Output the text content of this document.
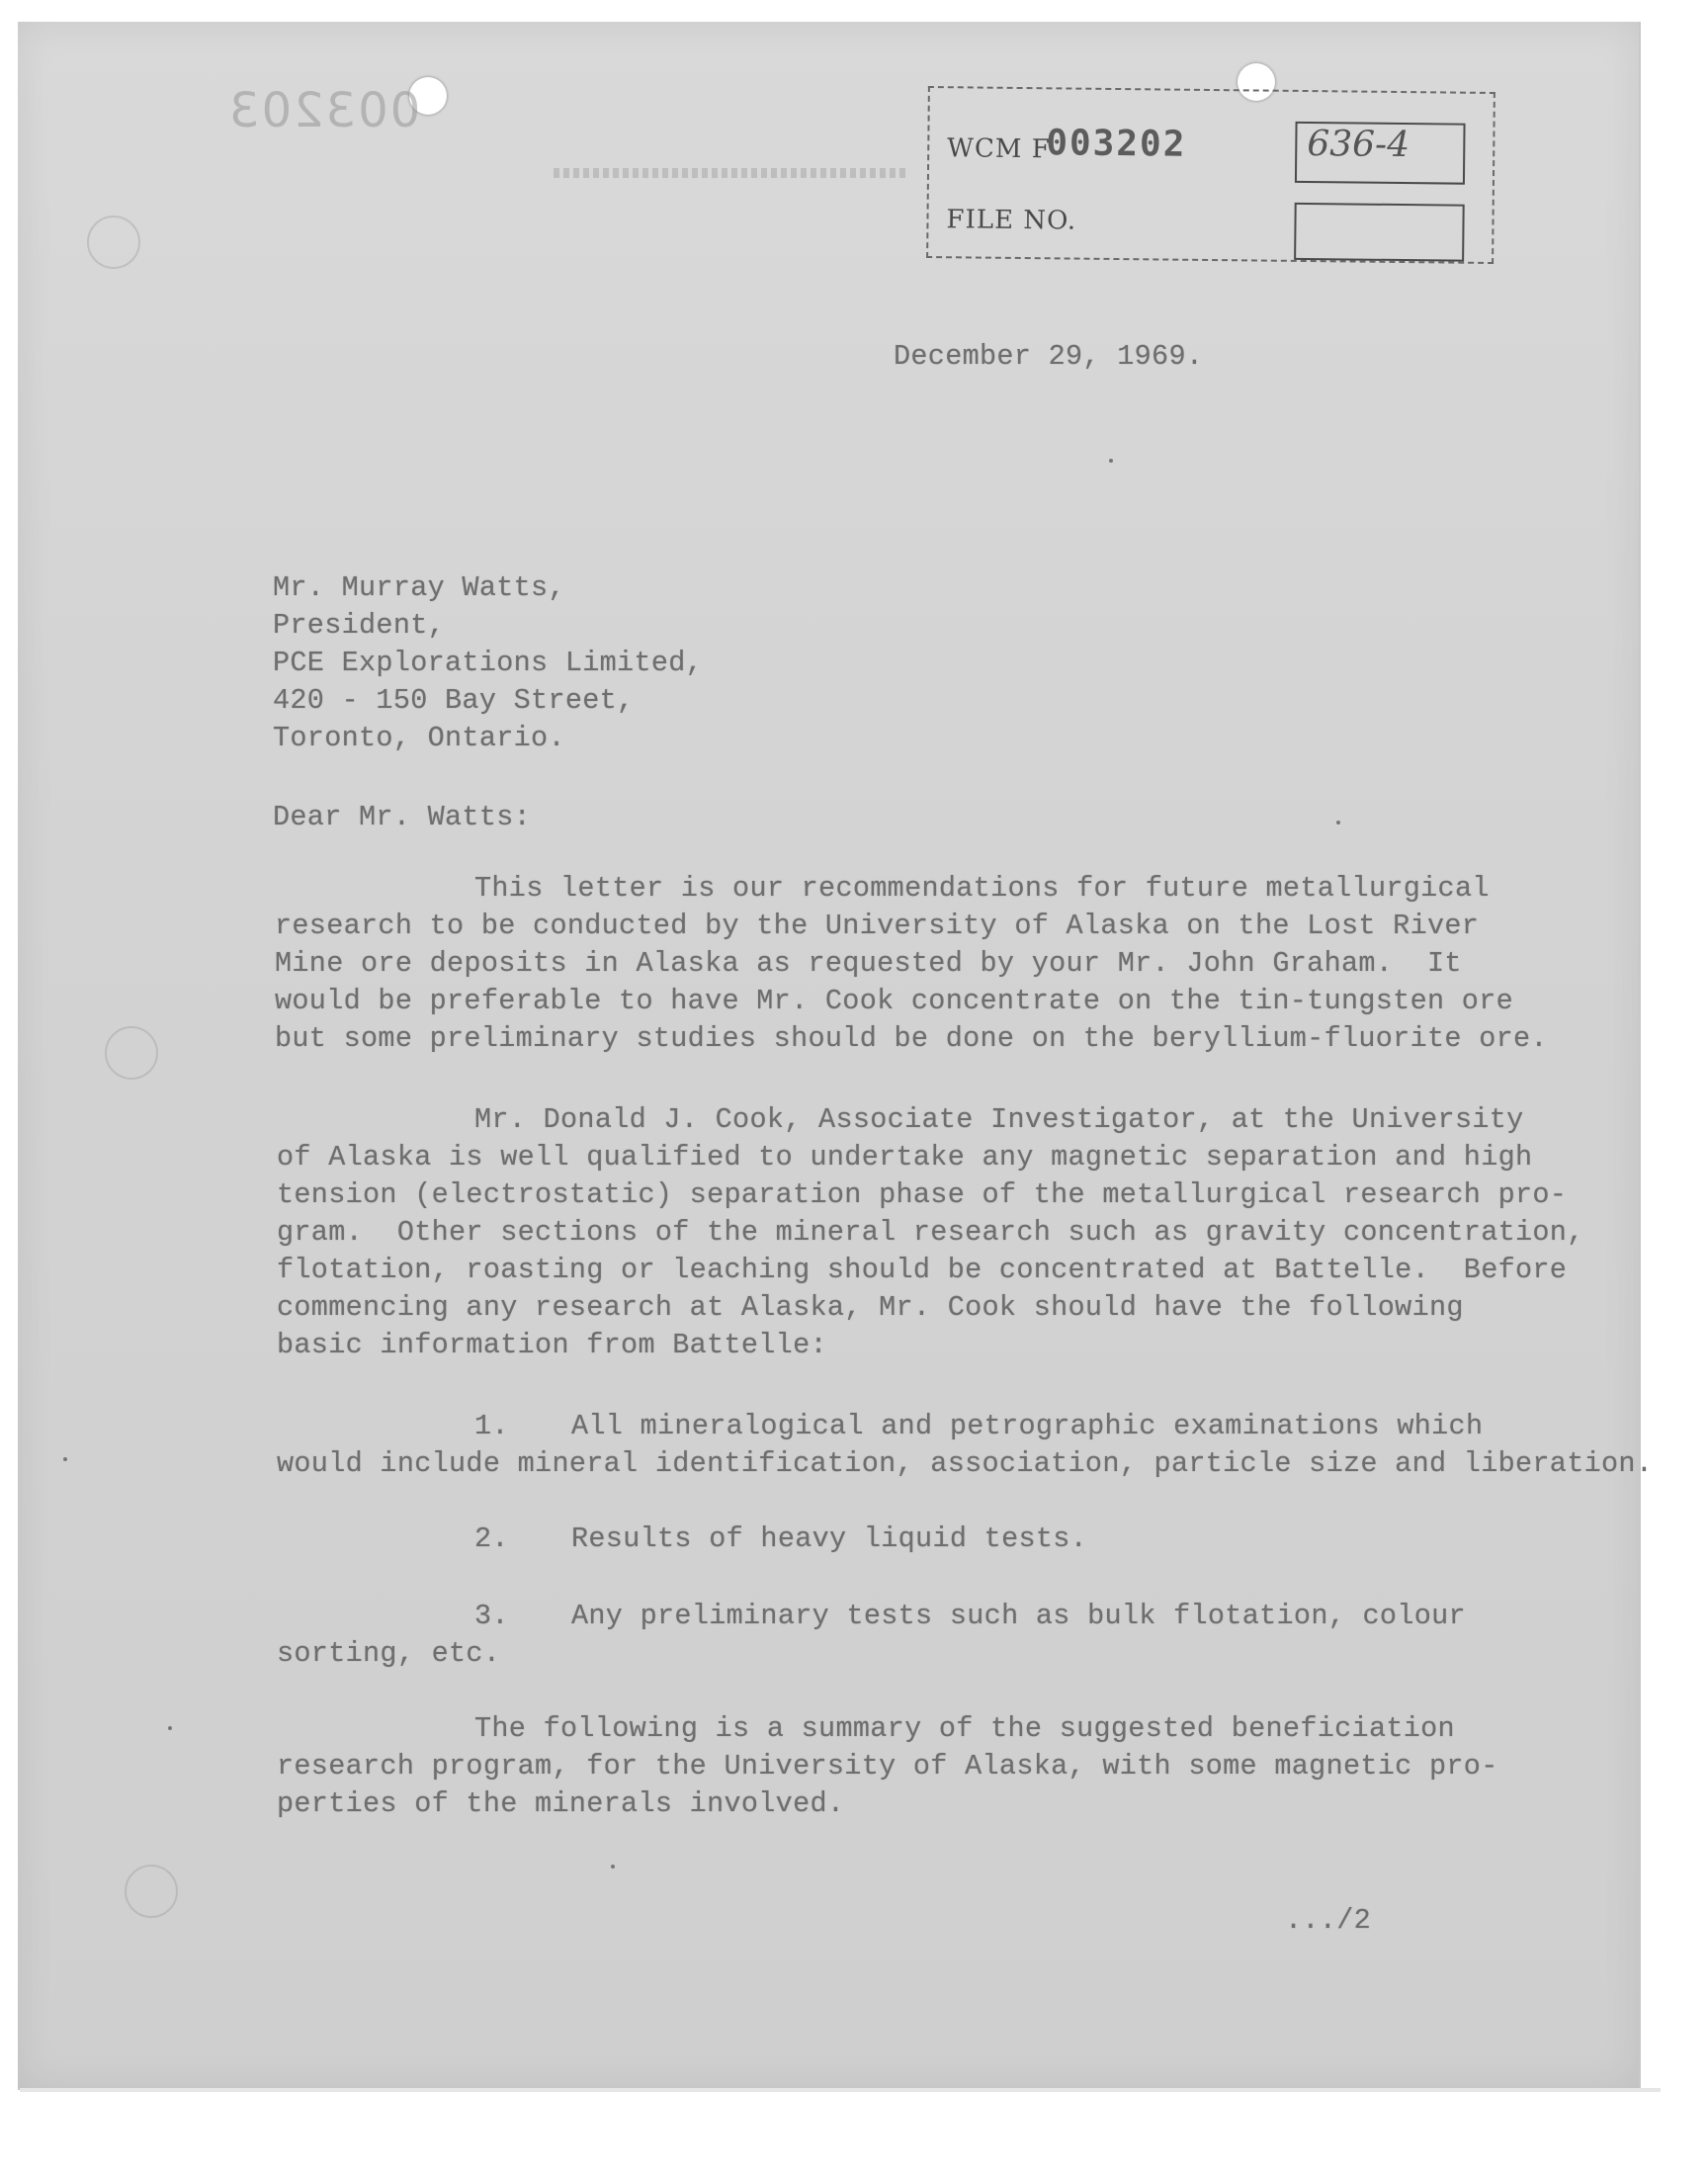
003203
WCM F
003202	636-4
FILE NO.
December 29, 1969.
Mr. Murray Watts,
President,
PCE Explorations Limited,
420 - 150 Bay Street,
Toronto, Ontario.
Dear Mr. Watts:
This letter is our recommendations for future metallurgical
research to be conducted by the University of Alaska on the Lost River
Mine ore deposits in Alaska as requested by your Mr. John Graham.  It
would be preferable to have Mr. Cook concentrate on the tin-tungsten ore
but some preliminary studies should be done on the beryllium-fluorite ore.
Mr. Donald J. Cook, Associate Investigator, at the University
of Alaska is well qualified to undertake any magnetic separation and high
tension (electrostatic) separation phase of the metallurgical research pro-
gram.  Other sections of the mineral research such as gravity concentration,
flotation, roasting or leaching should be concentrated at Battelle.  Before
commencing any research at Alaska, Mr. Cook should have the following
basic information from Battelle:
1. All mineralogical and petrographic examinations which
would include mineral identification, association, particle size and liberation.
2. Results of heavy liquid tests.
3. Any preliminary tests such as bulk flotation, colour
sorting, etc.
The following is a summary of the suggested beneficiation
research program, for the University of Alaska, with some magnetic pro-
perties of the minerals involved.
.../2
